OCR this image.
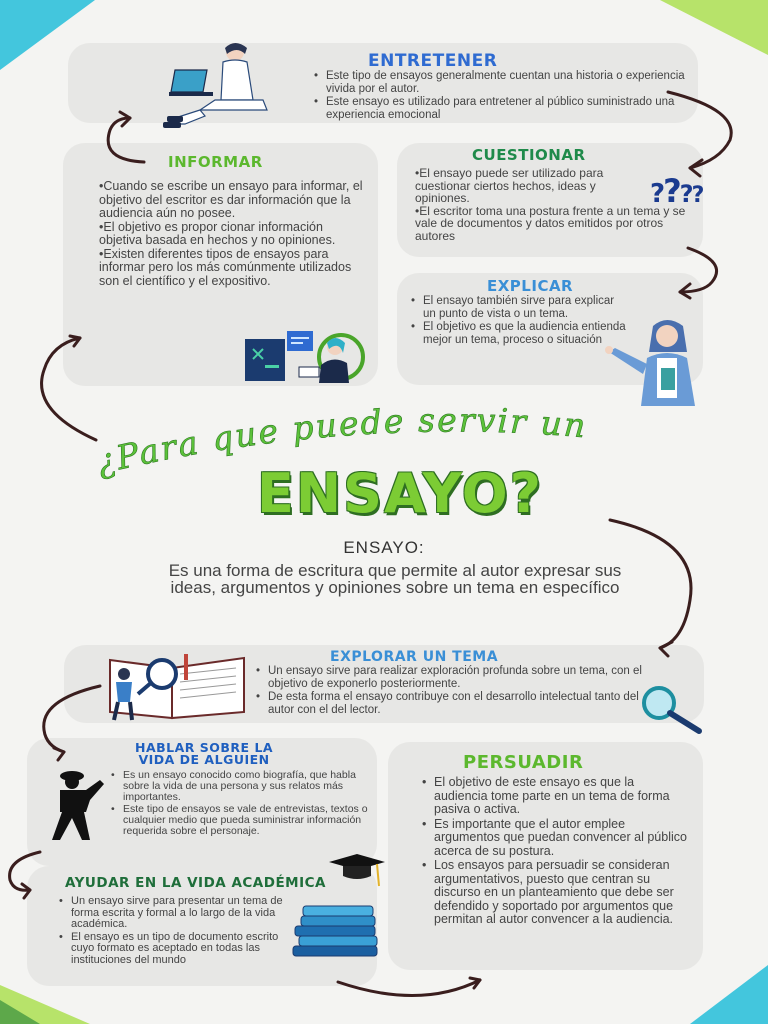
ENTRETENER
• Este tipo de ensayos generalmente cuentan una historia o experiencia vivida por el autor.
• Este ensayo es utilizado para entretener al público suministrado una experiencia emocional
INFORMAR

•Cuando se escribe un ensayo para informar, el objetivo del escritor es dar información que la audiencia aún no posee.

•El objetivo es propor cionar información objetiva basada en hechos y no opiniones.

•Existen diferentes tipos de ensayos para informar pero los más comúnmente utilizados son el científico y el expositivo.

CUESTIONAR

•El ensayo puede ser utilizado para cuestionar ciertos hechos, ideas y opiniones.

•El escritor toma una postura frente a un tema y se vale de documentos y datos emitidos por otros autores

????
EXPLICAR
• El ensayo también sirve para explicar un punto de vista o un tema.
• El objetivo es que la audiencia entienda mejor un tema, proceso o situación
¿Para que puede servir un
ENSAYO?
ENSAYO:
Es una forma de escritura que permite al autor expresar sus ideas, argumentos y opiniones sobre un tema en específico
EXPLORAR UN TEMA
• Un ensayo sirve para realizar exploración profunda sobre un tema, con el objetivo de exponerlo posteriormente.
• De esta forma el ensayo contribuye con el desarrollo intelectual tanto del autor con el del lector.
HABLAR SOBRE LA
VIDA DE ALGUIEN
• Es un ensayo conocido como biografía, que habla sobre la vida de una persona y sus relatos más importantes.
• Este tipo de ensayos se vale de entrevistas, textos o cualquier medio que pueda suministrar información requerida sobre el personaje.
PERSUADIR
• El objetivo de este ensayo es que la audiencia tome parte en un tema de forma pasiva o activa.
• Es importante que el autor emplee argumentos que puedan convencer al público acerca de su postura.
• Los ensayos para persuadir se consideran argumentativos, puesto que centran su discurso en un planteamiento que debe ser defendido y soportado por argumentos que permitan al autor convencer a la audiencia.
AYUDAR EN LA VIDA ACADÉMICA
• Un ensayo sirve para presentar un tema de forma escrita y formal a lo largo de la vida académica.
• El ensayo es un tipo de documento escrito cuyo formato es aceptado en todas las instituciones del mundo
